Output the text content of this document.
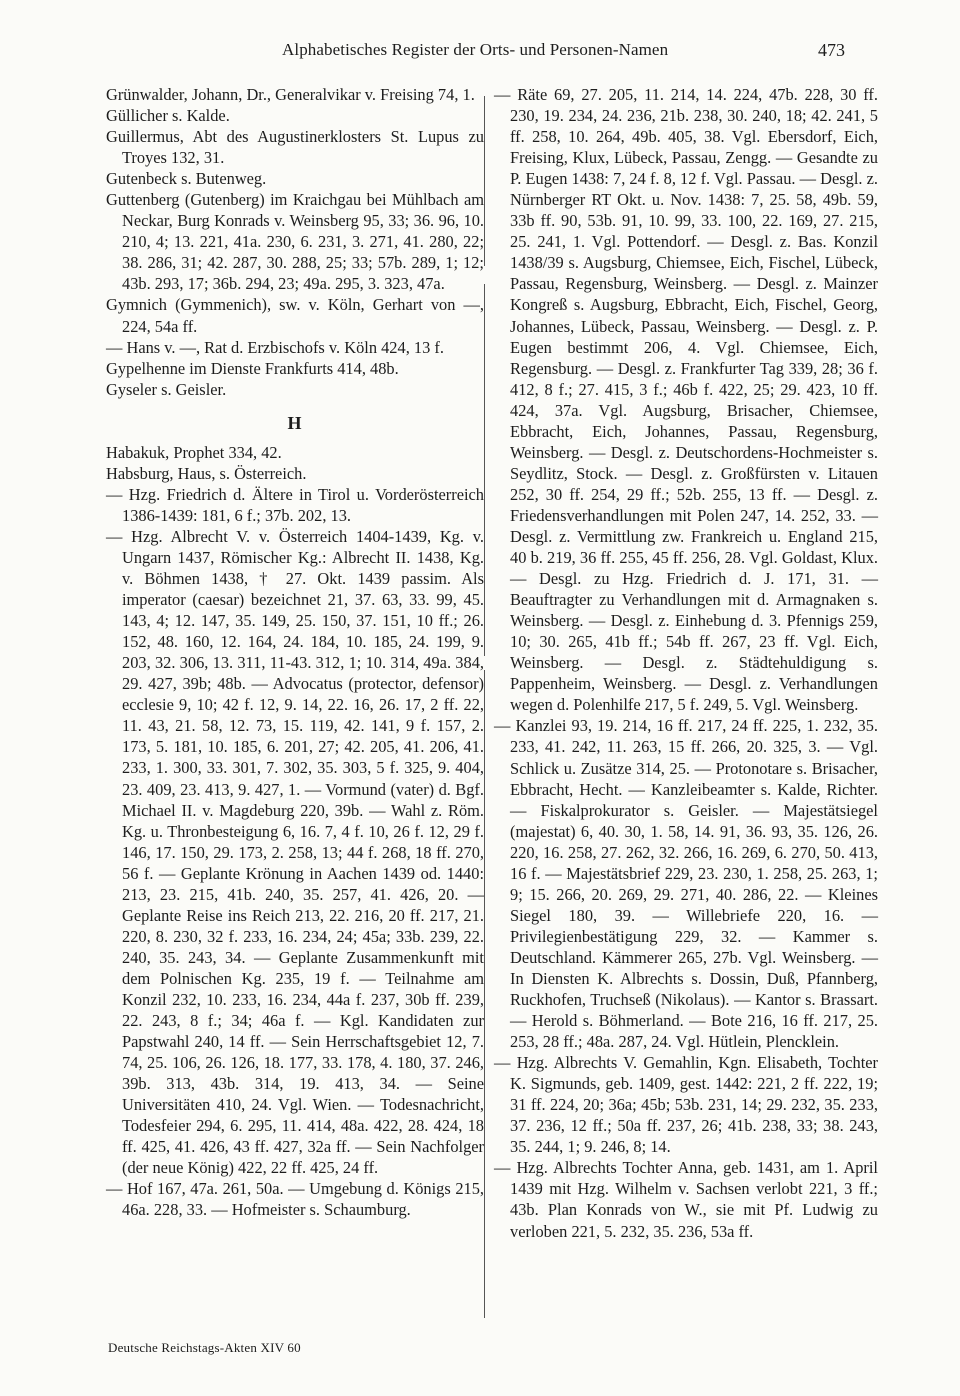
Alphabetisches Register der Orts- und Personen-Namen	473

Grünwalder, Johann, Dr., Generalvikar v. Freising 74, 1.

Güllicher s. Kalde.

Guillermus, Abt des Augustinerklosters St. Lupus zu Troyes 132, 31.

Gutenbeck s. Butenweg.

Guttenberg (Gutenberg) im Kraichgau bei Mühlbach am Neckar, Burg Konrads v. Weinsberg 95, 33; 36. 96, 10. 210, 4; 13. 221, 41a. 230, 6. 231, 3. 271, 41. 280, 22; 38. 286, 31; 42. 287, 30. 288, 25; 33; 57b. 289, 1; 12; 43b. 293, 17; 36b. 294, 23; 49a. 295, 3. 323, 47a.

Gymnich (Gymmenich), sw. v. Köln, Gerhart von —, 224, 54a ff.

— Hans v. —, Rat d. Erzbischofs v. Köln 424, 13 f.

Gypelhenne im Dienste Frankfurts 414, 48b.

Gyseler s. Geisler.

H

Habakuk, Prophet 334, 42.

Habsburg, Haus, s. Österreich.

— Hzg. Friedrich d. Ältere in Tirol u. Vorderösterreich 1386-1439: 181, 6 f.; 37b. 202, 13.

— Hzg. Albrecht V. v. Österreich 1404-1439, Kg. v. Ungarn 1437, Römischer Kg.: Albrecht II. 1438, Kg. v. Böhmen 1438, † 27. Okt. 1439 passim. Als imperator (caesar) bezeichnet 21, 37. 63, 33. 99, 45. 143, 4; 12. 147, 35. 149, 25. 150, 37. 151, 10 ff.; 26. 152, 48. 160, 12. 164, 24. 184, 10. 185, 24. 199, 9. 203, 32. 306, 13. 311, 11-43. 312, 1; 10. 314, 49a. 384, 29. 427, 39b; 48b. — Advocatus (protector, defensor) ecclesie 9, 10; 42 f. 12, 9. 14, 22. 16, 26. 17, 2 ff. 22, 11. 43, 21. 58, 12. 73, 15. 119, 42. 141, 9 f. 157, 2. 173, 5. 181, 10. 185, 6. 201, 27; 42. 205, 41. 206, 41. 233, 1. 300, 33. 301, 7. 302, 35. 303, 5 f. 325, 9. 404, 23. 409, 23. 413, 9. 427, 1. — Vormund (vater) d. Bgf. Michael II. v. Magdeburg 220, 39b. — Wahl z. Röm. Kg. u. Thronbesteigung 6, 16. 7, 4 f. 10, 26 f. 12, 29 f. 146, 17. 150, 29. 173, 2. 258, 13; 44 f. 268, 18 ff. 270, 56 f. — Geplante Krönung in Aachen 1439 od. 1440: 213, 23. 215, 41b. 240, 35. 257, 41. 426, 20. — Geplante Reise ins Reich 213, 22. 216, 20 ff. 217, 21. 220, 8. 230, 32 f. 233, 16. 234, 24; 45a; 33b. 239, 22. 240, 35. 243, 34. — Geplante Zusammenkunft mit dem Polnischen Kg. 235, 19 f. — Teilnahme am Konzil 232, 10. 233, 16. 234, 44a f. 237, 30b ff. 239, 22. 243, 8 f.; 34; 46a f. — Kgl. Kandidaten zur Papstwahl 240, 14 ff. — Sein Herrschaftsgebiet 12, 7. 74, 25. 106, 26. 126, 18. 177, 33. 178, 4. 180, 37. 246, 39b. 313, 43b. 314, 19. 413, 34. — Seine Universitäten 410, 24. Vgl. Wien. — Todesnachricht, Todesfeier 294, 6. 295, 11. 414, 48a. 422, 28. 424, 18 ff. 425, 41. 426, 43 ff. 427, 32a ff. — Sein Nachfolger (der neue König) 422, 22 ff. 425, 24 ff.

— Hof 167, 47a. 261, 50a. — Umgebung d. Königs 215, 46a. 228, 33. — Hofmeister s. Schaumburg.

— Räte 69, 27. 205, 11. 214, 14. 224, 47b. 228, 30 ff. 230, 19. 234, 24. 236, 21b. 238, 30. 240, 18; 42. 241, 5 ff. 258, 10. 264, 49b. 405, 38. Vgl. Ebersdorf, Eich, Freising, Klux, Lübeck, Passau, Zengg. — Gesandte zu P. Eugen 1438: 7, 24 f. 8, 12 f. Vgl. Passau. — Desgl. z. Nürnberger RT Okt. u. Nov. 1438: 7, 25. 58, 49b. 59, 33b ff. 90, 53b. 91, 10. 99, 33. 100, 22. 169, 27. 215, 25. 241, 1. Vgl. Pottendorf. — Desgl. z. Bas. Konzil 1438/39 s. Augsburg, Chiemsee, Eich, Fischel, Lübeck, Passau, Regensburg, Weinsberg. — Desgl. z. Mainzer Kongreß s. Augsburg, Ebbracht, Eich, Fischel, Georg, Johannes, Lübeck, Passau, Weinsberg. — Desgl. z. P. Eugen bestimmt 206, 4. Vgl. Chiemsee, Eich, Regensburg. — Desgl. z. Frankfurter Tag 339, 28; 36 f. 412, 8 f.; 27. 415, 3 f.; 46b f. 422, 25; 29. 423, 10 ff. 424, 37a. Vgl. Augsburg, Brisacher, Chiemsee, Ebbracht, Eich, Johannes, Passau, Regensburg, Weinsberg. — Desgl. z. Deutschordens-Hochmeister s. Seydlitz, Stock. — Desgl. z. Großfürsten v. Litauen 252, 30 ff. 254, 29 ff.; 52b. 255, 13 ff. — Desgl. z. Friedensverhandlungen mit Polen 247, 14. 252, 33. — Desgl. z. Vermittlung zw. Frankreich u. England 215, 40 b. 219, 36 ff. 255, 45 ff. 256, 28. Vgl. Goldast, Klux. — Desgl. zu Hzg. Friedrich d. J. 171, 31. — Beauftragter zu Verhandlungen mit d. Armagnaken s. Weinsberg. — Desgl. z. Einhebung d. 3. Pfennigs 259, 10; 30. 265, 41b ff.; 54b ff. 267, 23 ff. Vgl. Eich, Weinsberg. — Desgl. z. Städtehuldigung s. Pappenheim, Weinsberg. — Desgl. z. Verhandlungen wegen d. Polenhilfe 217, 5 f. 249, 5. Vgl. Weinsberg.

— Kanzlei 93, 19. 214, 16 ff. 217, 24 ff. 225, 1. 232, 35. 233, 41. 242, 11. 263, 15 ff. 266, 20. 325, 3. — Vgl. Schlick u. Zusätze 314, 25. — Protonotare s. Brisacher, Ebbracht, Hecht. — Kanzleibeamter s. Kalde, Richter. — Fiskalprokurator s. Geisler. — Majestätsiegel (majestat) 6, 40. 30, 1. 58, 14. 91, 36. 93, 35. 126, 26. 220, 16. 258, 27. 262, 32. 266, 16. 269, 6. 270, 50. 413, 16 f. — Majestätsbrief 229, 23. 230, 1. 258, 25. 263, 1; 9; 15. 266, 20. 269, 29. 271, 40. 286, 22. — Kleines Siegel 180, 39. — Willebriefe 220, 16. — Privilegienbestätigung 229, 32. — Kammer s. Deutschland. Kämmerer 265, 27b. Vgl. Weinsberg. — In Diensten K. Albrechts s. Dossin, Duß, Pfannberg, Ruckhofen, Truchseß (Nikolaus). — Kantor s. Brassart. — Herold s. Böhmerland. — Bote 216, 16 ff. 217, 25. 253, 28 ff.; 48a. 287, 24. Vgl. Hütlein, Plencklein.

— Hzg. Albrechts V. Gemahlin, Kgn. Elisabeth, Tochter K. Sigmunds, geb. 1409, gest. 1442: 221, 2 ff. 222, 19; 31 ff. 224, 20; 36a; 45b; 53b. 231, 14; 29. 232, 35. 233, 37. 236, 12 ff.; 50a ff. 237, 26; 41b. 238, 33; 38. 243, 35. 244, 1; 9. 246, 8; 14.

— Hzg. Albrechts Tochter Anna, geb. 1431, am 1. April 1439 mit Hzg. Wilhelm v. Sachsen verlobt 221, 3 ff.; 43b. Plan Konrads von W., sie mit Pf. Ludwig zu verloben 221, 5. 232, 35. 236, 53a ff.

Deutsche Reichstags-Akten XIV 60
